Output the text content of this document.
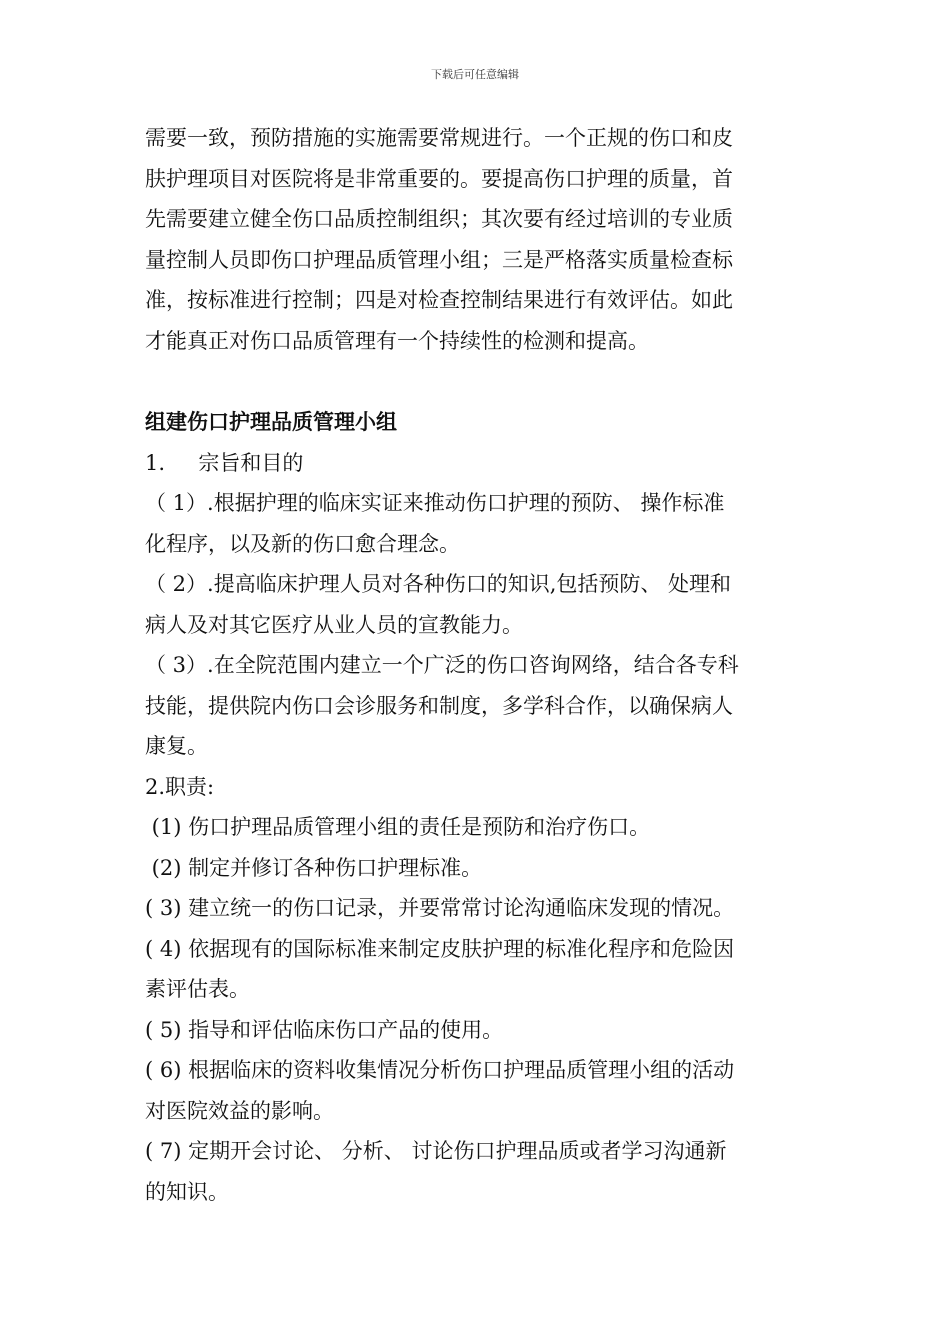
下载后可任意编辑
需要一致，预防措施的实施需要常规进行。一个正规的伤口和皮
肤护理项目对医院将是非常重要的。要提高伤口护理的质量，首
先需要建立健全伤口品质控制组织；其次要有经过培训的专业质
量控制人员即伤口护理品质管理小组；三是严格落实质量检查标
准，按标准进行控制；四是对检查控制结果进行有效评估。如此
才能真正对伤口品质管理有一个持续性的检测和提高。
组建伤口护理品质管理小组
1.     宗旨和目的
（ 1）.根据护理的临床实证来推动伤口护理的预防、 操作标准
化程序，以及新的伤口愈合理念。
（ 2）.提高临床护理人员对各种伤口的知识,包括预防、 处理和
病人及对其它医疗从业人员的宣教能力。
（ 3）.在全院范围内建立一个广泛的伤口咨询网络，结合各专科
技能，提供院内伤口会诊服务和制度，多学科合作，以确保病人
康复。
2.职责:
(1) 伤口护理品质管理小组的责任是预防和治疗伤口。
(2) 制定并修订各种伤口护理标准。
( 3) 建立统一的伤口记录，并要常常讨论沟通临床发现的情况。
( 4) 依据现有的国际标准来制定皮肤护理的标准化程序和危险因
素评估表。
( 5) 指导和评估临床伤口产品的使用。
( 6) 根据临床的资料收集情况分析伤口护理品质管理小组的活动
对医院效益的影响。
( 7) 定期开会讨论、 分析、 讨论伤口护理品质或者学习沟通新
的知识。
